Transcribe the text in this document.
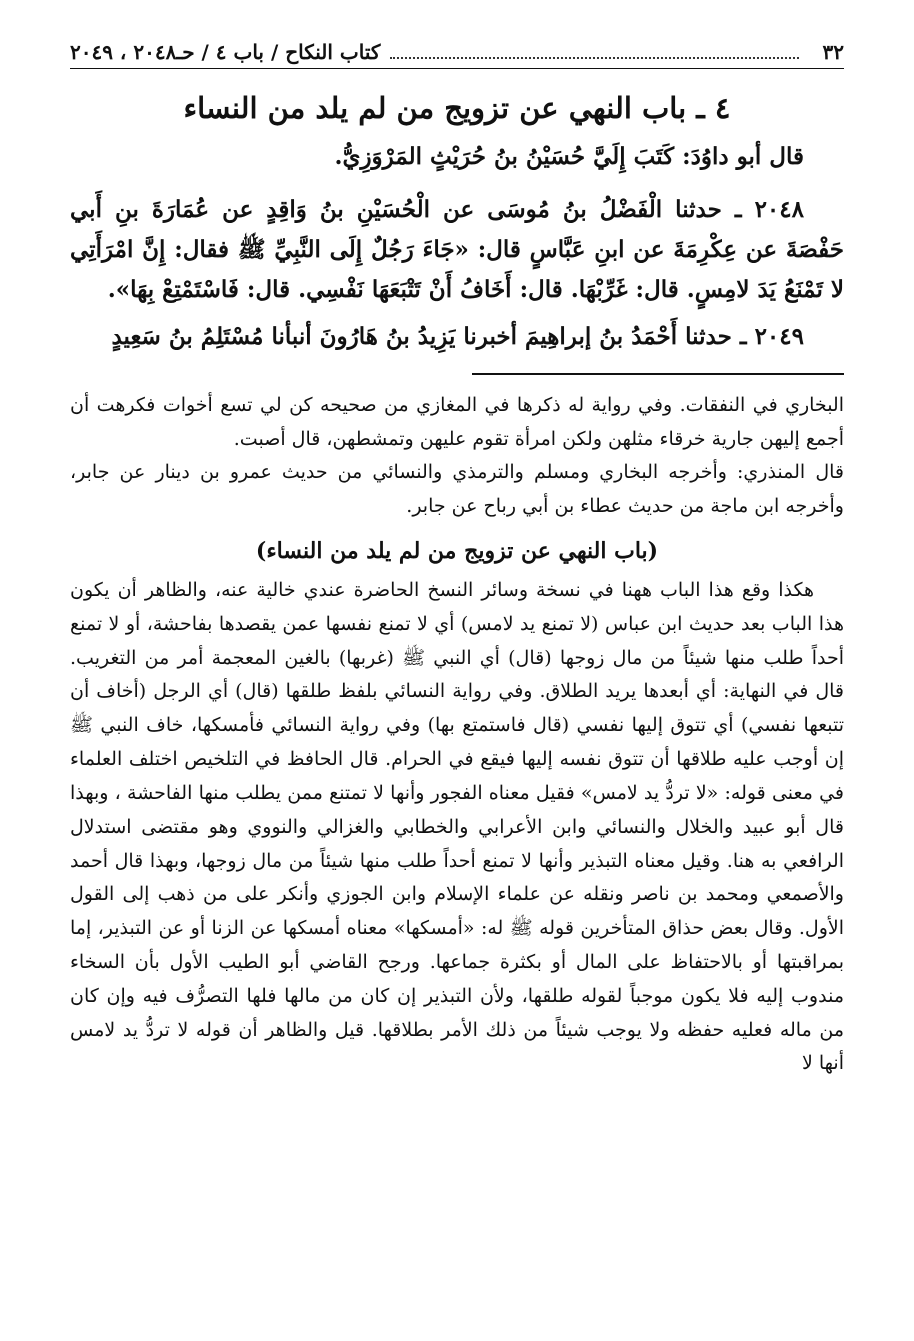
٣٢
كتاب النكاح / باب ٤ / حـ٢٠٤٨ ، ٢٠٤٩
٤ ـ باب النهي عن تزويج من لم يلد من النساء
قال أبو داوُدَ: كَتَبَ إِلَيَّ حُسَيْنُ بنُ حُرَيْثٍ المَرْوَزِيُّ.
٢٠٤٨ ـ حدثنا الْفَضْلُ بنُ مُوسَى عن الْحُسَيْنِ بنُ وَاقِدٍ عن عُمَارَةَ بنِ أَبي حَفْصَةَ عن عِكْرِمَةَ عن ابنِ عَبَّاسٍ قال: «جَاءَ رَجُلٌ إِلَى النَّبِيِّ ﷺ فقال: إِنَّ امْرَأَتِي لا تَمْنَعُ يَدَ لامِسٍ. قال: غَرِّبْهَا. قال: أَخَافُ أَنْ تَتْبَعَهَا نَفْسِي. قال: فَاسْتَمْتِعْ بِهَا».
٢٠٤٩ ـ حدثنا أَحْمَدُ بنُ إبراهِيمَ أخبرنا يَزِيدُ بنُ هَارُونَ أنبأنا مُسْتَلِمُ بنُ سَعِيدٍ

البخاري في النفقات. وفي رواية له ذكرها في المغازي من صحيحه كن لي تسع أخوات فكرهت أن أجمع إليهن جارية خرقاء مثلهن ولكن امرأة تقوم عليهن وتمشطهن، قال أصبت.

قال المنذري: وأخرجه البخاري ومسلم والترمذي والنسائي من حديث عمرو بن دينار عن جابر، وأخرجه ابن ماجة من حديث عطاء بن أبي رباح عن جابر.

(باب النهي عن تزويج من لم يلد من النساء)

هكذا وقع هذا الباب ههنا في نسخة وسائر النسخ الحاضرة عندي خالية عنه، والظاهر أن يكون هذا الباب بعد حديث ابن عباس (لا تمنع يد لامس) أي لا تمنع نفسها عمن يقصدها بفاحشة، أو لا تمنع أحداً طلب منها شيئاً من مال زوجها (قال) أي النبي ﷺ (غربها) بالغين المعجمة أمر من التغريب. قال في النهاية: أي أبعدها يريد الطلاق. وفي رواية النسائي بلفظ طلقها (قال) أي الرجل (أخاف أن تتبعها نفسي) أي تتوق إليها نفسي (قال فاستمتع بها) وفي رواية النسائي فأمسكها، خاف النبي ﷺ إن أوجب عليه طلاقها أن تتوق نفسه إليها فيقع في الحرام. قال الحافظ في التلخيص اختلف العلماء في معنى قوله: «لا تردُّ يد لامس» فقيل معناه الفجور وأنها لا تمتنع ممن يطلب منها الفاحشة ، وبهذا قال أبو عبيد والخلال والنسائي وابن الأعرابي والخطابي والغزالي والنووي وهو مقتضى استدلال الرافعي به هنا. وقيل معناه التبذير وأنها لا تمنع أحداً طلب منها شيئاً من مال زوجها، وبهذا قال أحمد والأصمعي ومحمد بن ناصر ونقله عن علماء الإسلام وابن الجوزي وأنكر على من ذهب إلى القول الأول. وقال بعض حذاق المتأخرين قوله ﷺ له: «أمسكها» معناه أمسكها عن الزنا أو عن التبذير، إما بمراقبتها أو بالاحتفاظ على المال أو بكثرة جماعها. ورجح القاضي أبو الطيب الأول بأن السخاء مندوب إليه فلا يكون موجباً لقوله طلقها، ولأن التبذير إن كان من مالها فلها التصرُّف فيه وإن كان من ماله فعليه حفظه ولا يوجب شيئاً من ذلك الأمر بطلاقها. قيل والظاهر أن قوله لا تردُّ يد لامس أنها لا
